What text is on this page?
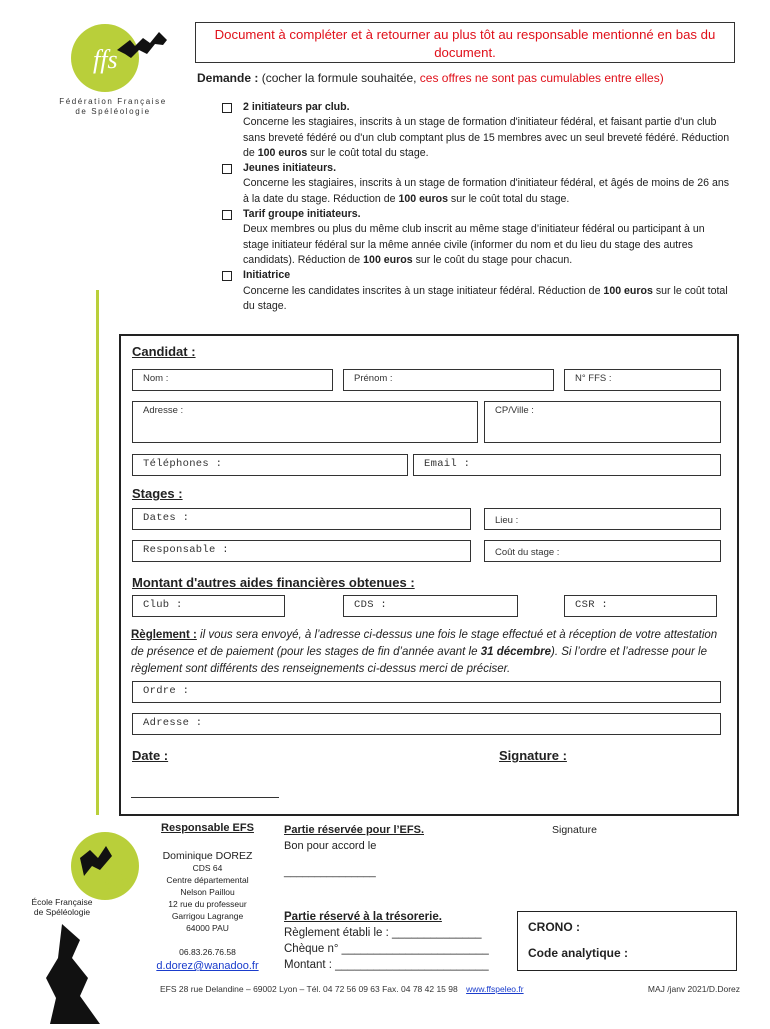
ffs
Fédération Française
de Spéléologie
Document à compléter et à retourner au plus tôt au responsable mentionné en bas du document.
Demande : (cocher la formule souhaitée, ces offres ne sont pas cumulables entre elles)
2 initiateurs par club.
Concerne les stagiaires, inscrits à un stage de formation d'initiateur fédéral, et faisant partie d'un club sans breveté fédéré ou d'un club comptant plus de 15 membres avec un seul breveté fédéré. Réduction de 100 euros sur le coût total du stage.
Jeunes initiateurs.
Concerne les stagiaires, inscrits à un stage de formation d'initiateur fédéral, et âgés de moins de 26 ans à la date du stage. Réduction de 100 euros sur le coût total du stage.
Tarif groupe initiateurs.
Deux membres ou plus du même club inscrit au même stage d’initiateur fédéral ou participant à un stage initiateur fédéral sur la même année civile (informer du nom et du lieu du stage des autres candidats). Réduction de 100 euros sur le coût du stage pour chacun.
Initiatrice
Concerne les candidates inscrites à un stage initiateur fédéral. Réduction de 100 euros sur le coût total du stage.
Candidat :
Nom :	Prénom :	N° FFS :
Adresse :	CP/Ville :
Téléphones :	Email :
Stages :
Dates :	Lieu :
Responsable :	Coût du stage :
Montant d'autres aides financières obtenues :
Club :	CDS :	CSR :
Règlement : il vous sera envoyé, à l’adresse ci-dessus une fois le stage effectué et à réception de votre attestation de présence et de paiement (pour les stages de fin d’année avant le 31 décembre). Si l’ordre et l’adresse pour le règlement sont différents des renseignements ci-dessus merci de préciser.
Ordre :
Adresse :
Date :	Signature :
efs
École Française
de Spéléologie
Responsable EFS
Dominique DOREZ
CDS 64
Centre départemental
Nelson Paillou
12 rue du professeur
Garrigou Lagrange
64000 PAU
06.83.26.76.58
d.dorez@wanadoo.fr
Partie réservée pour l’EFS.
Bon pour accord le
_______________
Signature
Partie réservé à la trésorerie.
Règlement établi le : ______________
Chèque n° _______________________
Montant : ________________________
CRONO :
Code analytique :
EFS 28 rue Delandine – 69002 Lyon – Tél. 04 72 56 09 63 Fax. 04 78 42 15 98 www.ffspeleo.fr	MAJ /janv 2021/D.Dorez
